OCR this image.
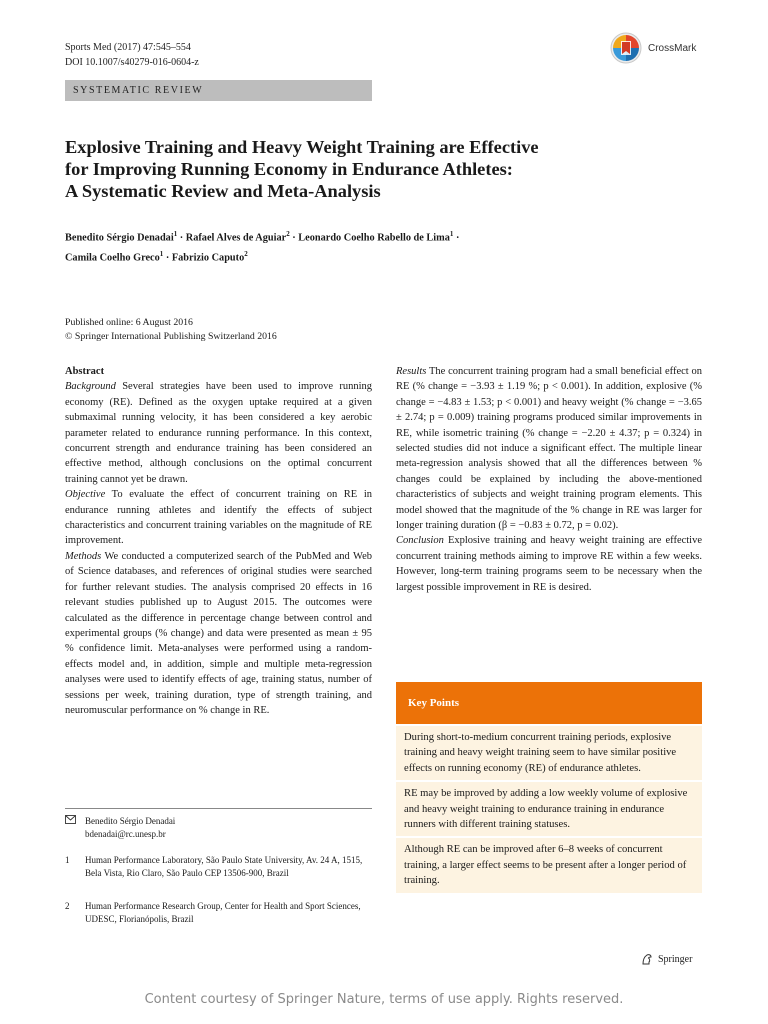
Sports Med (2017) 47:545–554
DOI 10.1007/s40279-016-0604-z
CrossMark
SYSTEMATIC REVIEW
Explosive Training and Heavy Weight Training are Effective
for Improving Running Economy in Endurance Athletes:
A Systematic Review and Meta-Analysis
Benedito Sérgio Denadai$^1$ · Rafael Alves de Aguiar$^2$ · Leonardo Coelho Rabello de Lima$^1$ ·
Camila Coelho Greco$^1$ · Fabrizio Caputo$^2$
Published online: 6 August 2016
© Springer International Publishing Switzerland 2016

Abstract

Background Several strategies have been used to improve running economy (RE). Defined as the oxygen uptake required at a given submaximal running velocity, it has been considered a key aerobic parameter related to endurance running performance. In this context, concurrent strength and endurance training has been considered an effective method, although conclusions on the optimal concurrent training cannot yet be drawn.

Objective To evaluate the effect of concurrent training on RE in endurance running athletes and identify the effects of subject characteristics and concurrent training variables on the magnitude of RE improvement.

Methods We conducted a computerized search of the PubMed and Web of Science databases, and references of original studies were searched for further relevant studies. The analysis comprised 20 effects in 16 relevant studies published up to August 2015. The outcomes were calculated as the difference in percentage change between control and experimental groups (% change) and data were presented as mean ± 95 % confidence limit. Meta-analyses were performed using a random-effects model and, in addition, simple and multiple meta-regression analyses were used to identify effects of age, training status, number of sessions per week, training duration, type of strength training, and neuromuscular performance on % change in RE.

Results The concurrent training program had a small beneficial effect on RE (% change = −3.93 ± 1.19 %; p < 0.001). In addition, explosive (% change = −4.83 ± 1.53; p < 0.001) and heavy weight (% change = −3.65 ± 2.74; p = 0.009) training programs produced similar improvements in RE, while isometric training (% change = −2.20 ± 4.37; p = 0.324) in selected studies did not induce a significant effect. The multiple linear meta-regression analysis showed that all the differences between % changes could be explained by including the above-mentioned characteristics of subjects and weight training program elements. This model showed that the magnitude of the % change in RE was larger for longer training duration (β = −0.83 ± 0.72, p = 0.02).

Conclusion Explosive training and heavy weight training are effective concurrent training methods aiming to improve RE within a few weeks. However, long-term training programs seem to be necessary when the largest possible improvement in RE is desired.

Key Points
During short-to-medium concurrent training periods, explosive training and heavy weight training seem to have similar positive effects on running economy (RE) of endurance athletes.
RE may be improved by adding a low weekly volume of explosive and heavy weight training to endurance training in endurance runners with different training statuses.
Although RE can be improved after 6–8 weeks of concurrent training, a larger effect seems to be present after a longer period of training.
Benedito Sérgio Denadai
bdenadai@rc.unesp.br
1	Human Performance Laboratory, São Paulo State University, Av. 24 A, 1515, Bela Vista, Rio Claro, São Paulo CEP 13506-900, Brazil
2	Human Performance Research Group, Center for Health and Sport Sciences, UDESC, Florianópolis, Brazil
Springer
Content courtesy of Springer Nature, terms of use apply. Rights reserved.
